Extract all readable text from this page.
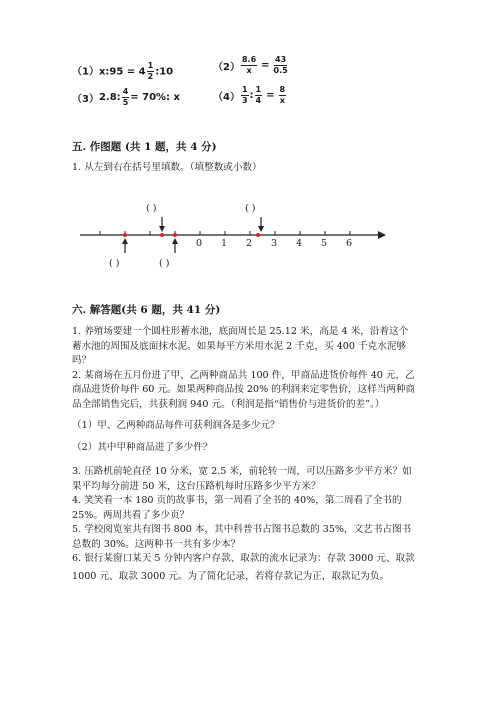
（1）x:95 = $4 \frac{1}{2}$ :10	$(2) \frac{8.6}{x} = \frac{43}{0.5}$
（3） 2.8: $\frac{4}{5} = 70\%$: x	$(4) \frac{1}{3}$ : $\frac{1}{4} = \frac{8}{x}$
五. 作图题 (共 1 题，共 4 分)
1. 从左到右在括号里填数。（填整数或小数）
( )	( )
( )	( )
0 1 2 3 4 5 6
六. 解答题(共 6 题，共 41 分)
1. 养殖场要建一个圆柱形蓄水池，底面周长是 25.12 米，高是 4 米，沿着这个
蓄水池的周围及底面抹水泥。如果每平方米用水泥 2 千克，买 400 千克水泥够
吗？
2. 某商场在五月份进了甲、乙两种商品共 100 件，甲商品进货价每件 40 元，乙
商品进货价每件 60 元。如果两种商品按 20% 的利润来定零售价，这样当两种商
品全部销售完后，共获利润 940 元。（利润是指“销售价与进货价的差”。）
（1）甲、乙两种商品每件可获利润各是多少元？
（2）其中甲种商品进了多少件？
3. 压路机前轮直径 10 分米，宽 2.5 米，前轮转一周，可以压路多少平方米？如
果平均每分前进 50 米，这台压路机每时压路多少平方米？
4. 笑笑看一本 180 页的故事书，第一周看了全书的 40%，第二周看了全书的
25%。两周共看了多少页？
5. 学校阅览室共有图书 800 本，其中科普书占图书总数的 35%，文艺书占图书
总数的 30%。这两种书一共有多少本？
6. 银行某窗口某天 5 分钟内客户存款、取款的流水记录为：存款 3000 元、取款
1000 元、取款 3000 元。为了简化记录，若将存款记为正，取款记为负。
